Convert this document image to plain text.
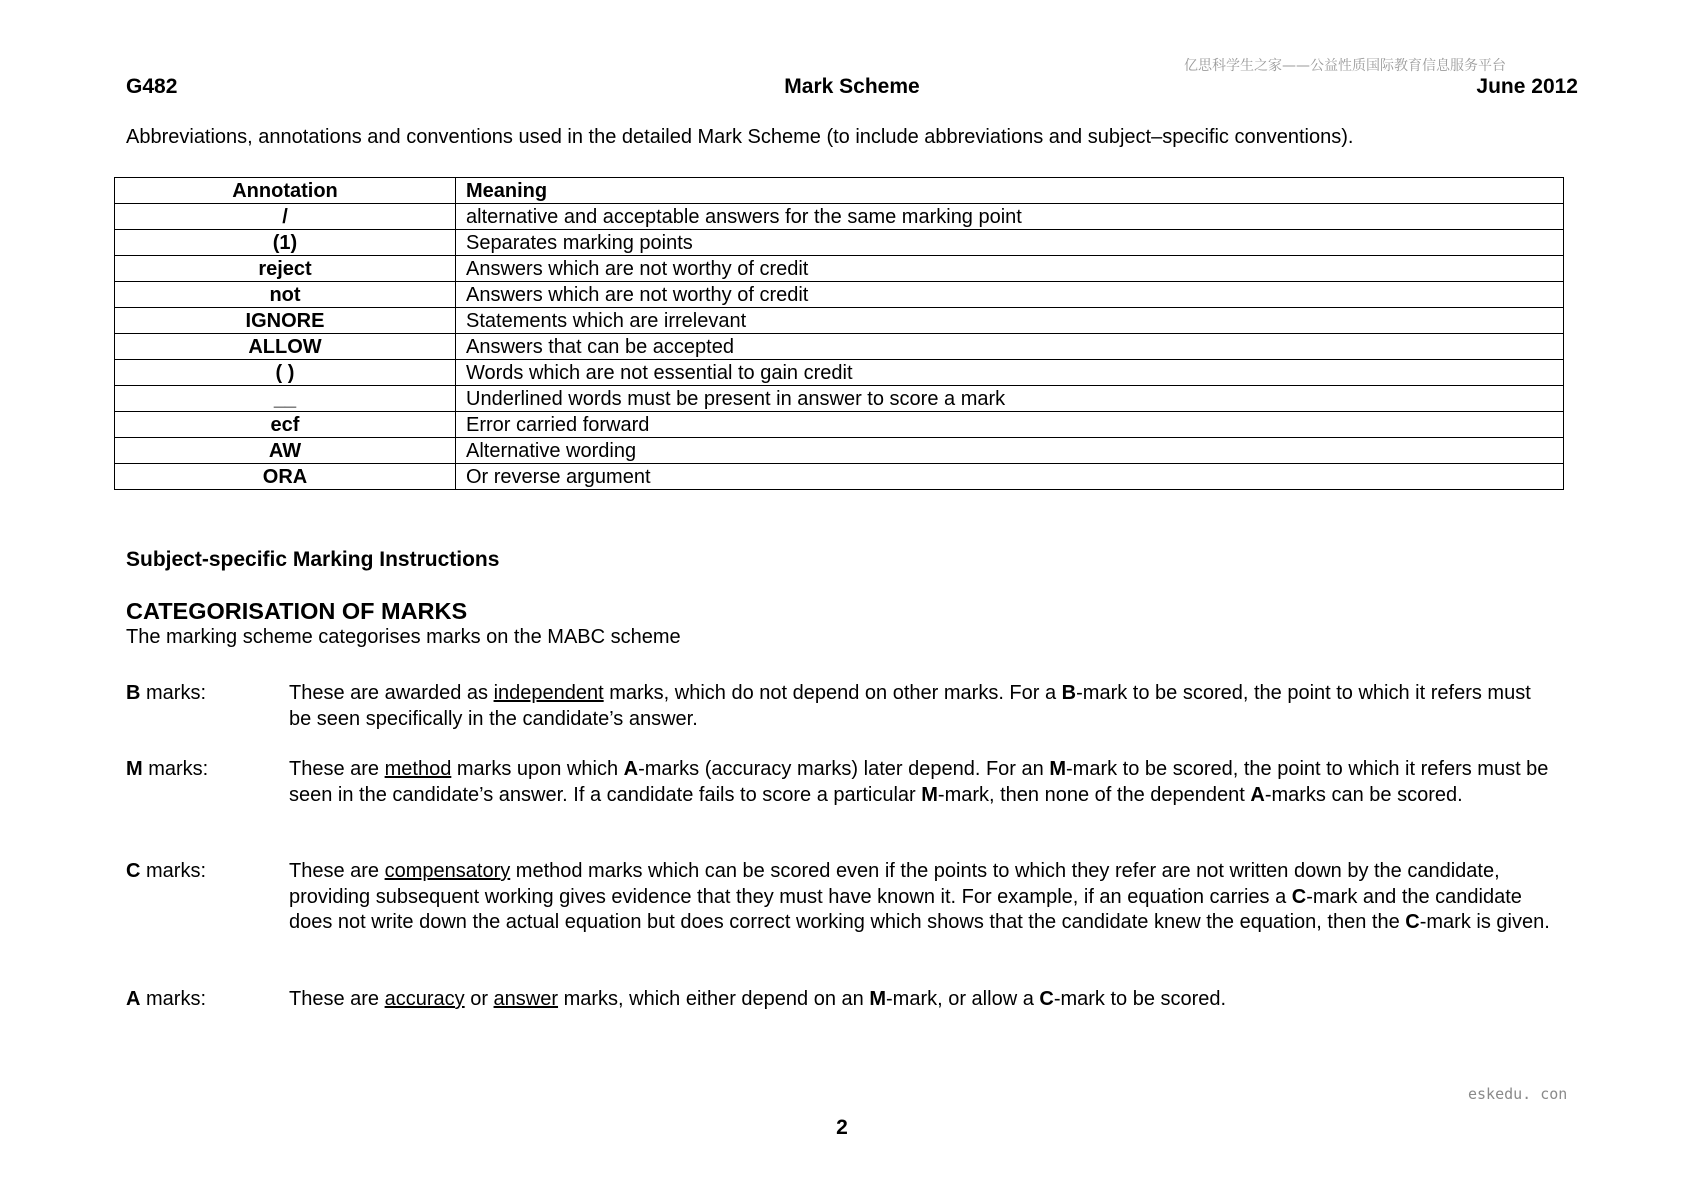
亿思科学生之家——公益性质国际教育信息服务平台
Mark Scheme
G482	June 2012
Abbreviations, annotations and conventions used in the detailed Mark Scheme (to include abbreviations and subject–specific conventions).
Annotation	Meaning
/	alternative and acceptable answers for the same marking point
(1)	Separates marking points
reject	Answers which are not worthy of credit
not	Answers which are not worthy of credit
IGNORE	Statements which are irrelevant
ALLOW	Answers that can be accepted
( )	Words which are not essential to gain credit
__	Underlined words must be present in answer to score a mark
ecf	Error carried forward
AW	Alternative wording
ORA	Or reverse argument
Subject-specific Marking Instructions
CATEGORISATION OF MARKS
The marking scheme categorises marks on the MABC scheme
B marks:	These are awarded as independent marks, which do not depend on other marks. For a B-mark to be scored, the point to which it refers must be seen specifically in the candidate’s answer.
M marks:	These are method marks upon which A-marks (accuracy marks) later depend. For an M-mark to be scored, the point to which it refers must be seen in the candidate’s answer. If a candidate fails to score a particular M-mark, then none of the dependent A-marks can be scored.
C marks:	These are compensatory method marks which can be scored even if the points to which they refer are not written down by the candidate, providing subsequent working gives evidence that they must have known it. For example, if an equation carries a C-mark and the candidate does not write down the actual equation but does correct working which shows that the candidate knew the equation, then the C-mark is given.
A marks:	These are accuracy or answer marks, which either depend on an M-mark, or allow a C-mark to be scored.
eskedu. con
2
